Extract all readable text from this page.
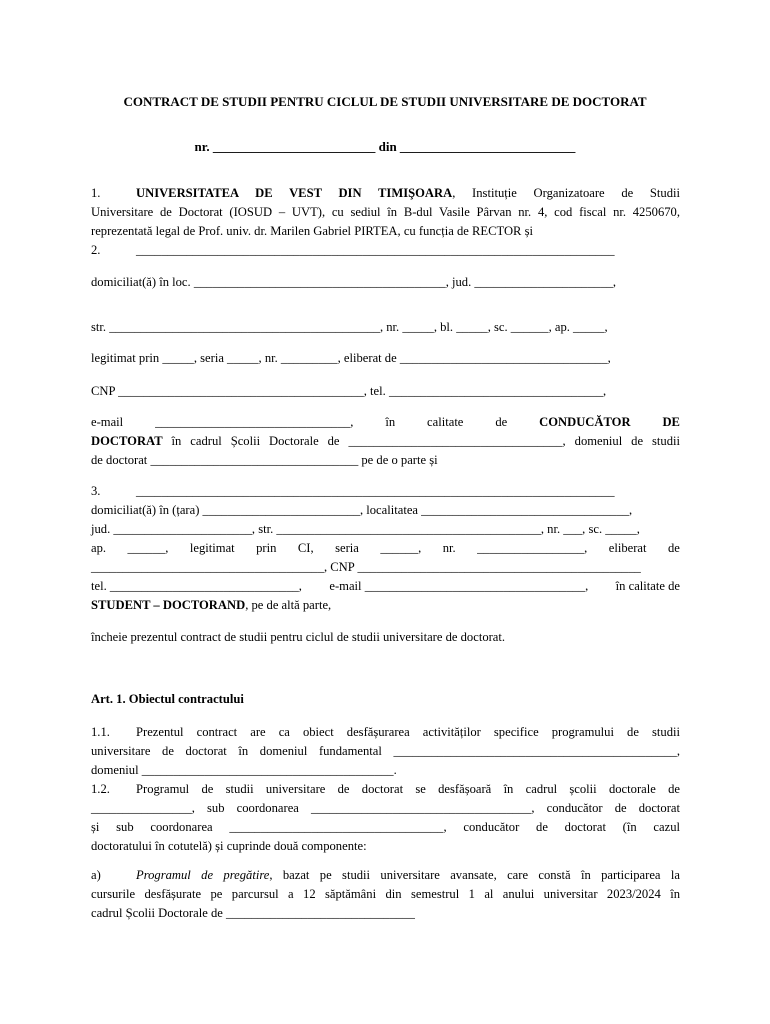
CONTRACT DE STUDII PENTRU CICLUL DE STUDII UNIVERSITARE DE DOCTORAT
nr. _________________________ din ___________________________
1.	UNIVERSITATEA DE VEST DIN TIMIŞOARA, Instituție Organizatoare de Studii
Universitare de Doctorat (IOSUD – UVT), cu sediul în B-dul Vasile Pârvan nr. 4, cod fiscal nr. 4250670,
reprezentată legal de Prof. univ. dr. Marilen Gabriel PIRTEA, cu funcția de RECTOR și
2.	____________________________________________________________________________
domiciliat(ă) în loc. ________________________________________, jud. ______________________,
str. ___________________________________________, nr. _____, bl. _____, sc. ______, ap. _____,
legitimat prin _____, seria _____, nr. _________, eliberat de _________________________________,
CNP _______________________________________, tel. __________________________________,
e-mail	_______________________________,	în	calitate	de	CONDUCĂTOR	DE
DOCTORAT în cadrul Școlii Doctorale de __________________________________, domeniul de studii
de doctorat _________________________________ pe de o parte și
3.	____________________________________________________________________________
domiciliat(ă) în (țara) _________________________, localitatea _________________________________,
jud. ______________________, str. __________________________________________, nr. ___, sc. _____,
ap. ______, legitimat prin CI, seria ______, nr. _________________, eliberat de
_____________________________________, CNP _____________________________________________
tel. ______________________________, e-mail ___________________________________, în calitate de
STUDENT – DOCTORAND, pe de altă parte,
încheie prezentul contract de studii pentru ciclul de studii universitare de doctorat.
Art. 1. Obiectul contractului
1.1. Prezentul contract are ca obiect desfășurarea activităților specifice programului de studii
universitare de doctorat în domeniul fundamental _____________________________________________,
domeniul ________________________________________.
1.2. Programul de studii universitare de doctorat se desfășoară în cadrul școlii doctorale de
________________, sub coordonarea ___________________________________, conducător de doctorat
și sub coordonarea __________________________________, conducător de doctorat (în cazul
doctoratului în cotutelă) și cuprinde două componente:
a)	Programul de pregătire, bazat pe studii universitare avansate, care constă în participarea la
cursurile desfășurate pe parcursul a 12 săptămâni din semestrul 1 al anului universitar 2023/2024 în
cadrul Școlii Doctorale de ______________________________
